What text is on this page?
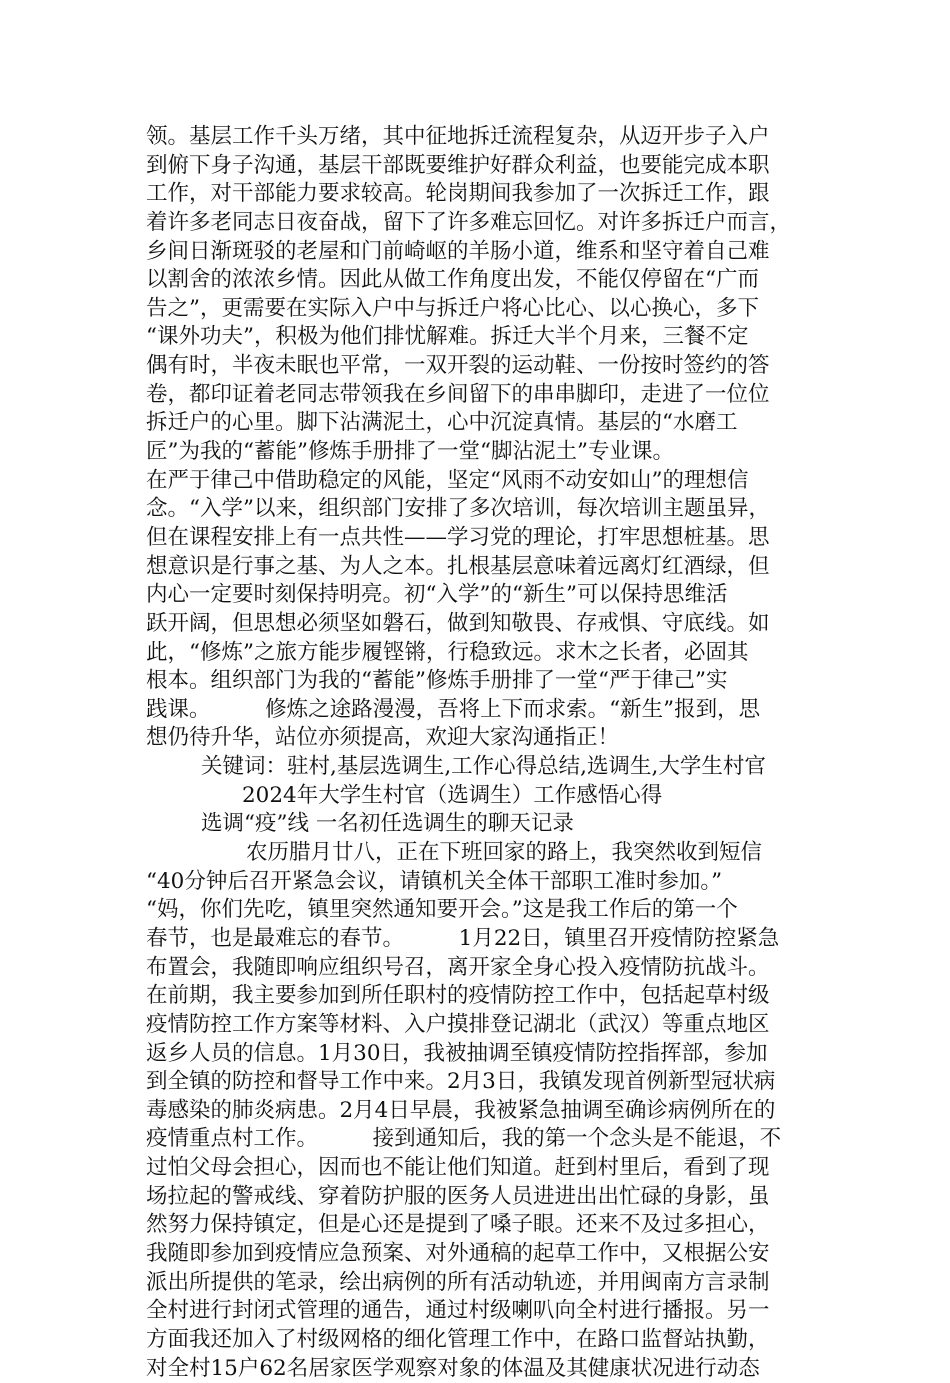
领。基层工作千头万绪，其中征地拆迁流程复杂，从迈开步子入户
到俯下身子沟通，基层干部既要维护好群众利益，也要能完成本职
工作，对干部能力要求较高。轮岗期间我参加了一次拆迁工作，跟
着许多老同志日夜奋战，留下了许多难忘回忆。对许多拆迁户而言，
乡间日渐斑驳的老屋和门前崎岖的羊肠小道，维系和坚守着自己难
以割舍的浓浓乡情。因此从做工作角度出发，不能仅停留在“广而
告之”，更需要在实际入户中与拆迁户将心比心、以心换心，多下
“课外功夫”，积极为他们排忧解难。拆迁大半个月来，三餐不定
偶有时，半夜未眠也平常，一双开裂的运动鞋、一份按时签约的答
卷，都印证着老同志带领我在乡间留下的串串脚印，走进了一位位
拆迁户的心里。脚下沾满泥土，心中沉淀真情。基层的“水磨工
匠”为我的“蓄能”修炼手册排了一堂“脚沾泥土”专业课。
在严于律己中借助稳定的风能，坚定“风雨不动安如山”的理想信
念。“入学”以来，组织部门安排了多次培训，每次培训主题虽异，
但在课程安排上有一点共性——学习党的理论，打牢思想桩基。思
想意识是行事之基、为人之本。扎根基层意味着远离灯红酒绿，但
内心一定要时刻保持明亮。初“入学”的“新生”可以保持思维活
跃开阔，但思想必须坚如磐石，做到知敬畏、存戒惧、守底线。如
此，“修炼”之旅方能步履铿锵，行稳致远。求木之长者，必固其
根本。组织部门为我的“蓄能”修炼手册排了一堂“严于律己”实
践课。        修炼之途路漫漫，吾将上下而求索。“新生”报到，思
想仍待升华，站位亦须提高，欢迎大家沟通指正！
关键词：驻村,基层选调生,工作心得总结,选调生,大学生村官
2024年大学生村官（选调生）工作感悟心得
选调“疫”线 一名初任选调生的聊天记录
农历腊月廿八，正在下班回家的路上，我突然收到短信
“40分钟后召开紧急会议，请镇机关全体干部职工准时参加。”
“妈，你们先吃，镇里突然通知要开会。”这是我工作后的第一个
春节，也是最难忘的春节。        1月22日，镇里召开疫情防控紧急
布置会，我随即响应组织号召，离开家全身心投入疫情防抗战斗。
在前期，我主要参加到所任职村的疫情防控工作中，包括起草村级
疫情防控工作方案等材料、入户摸排登记湖北（武汉）等重点地区
返乡人员的信息。1月30日，我被抽调至镇疫情防控指挥部，参加
到全镇的防控和督导工作中来。2月3日，我镇发现首例新型冠状病
毒感染的肺炎病患。2月4日早晨，我被紧急抽调至确诊病例所在的
疫情重点村工作。        接到通知后，我的第一个念头是不能退，不
过怕父母会担心，因而也不能让他们知道。赶到村里后，看到了现
场拉起的警戒线、穿着防护服的医务人员进进出出忙碌的身影，虽
然努力保持镇定，但是心还是提到了嗓子眼。还来不及过多担心，
我随即参加到疫情应急预案、对外通稿的起草工作中，又根据公安
派出所提供的笔录，绘出病例的所有活动轨迹，并用闽南方言录制
全村进行封闭式管理的通告，通过村级喇叭向全村进行播报。另一
方面我还加入了村级网格的细化管理工作中，在路口监督站执勤，
对全村15户62名居家医学观察对象的体温及其健康状况进行动态
